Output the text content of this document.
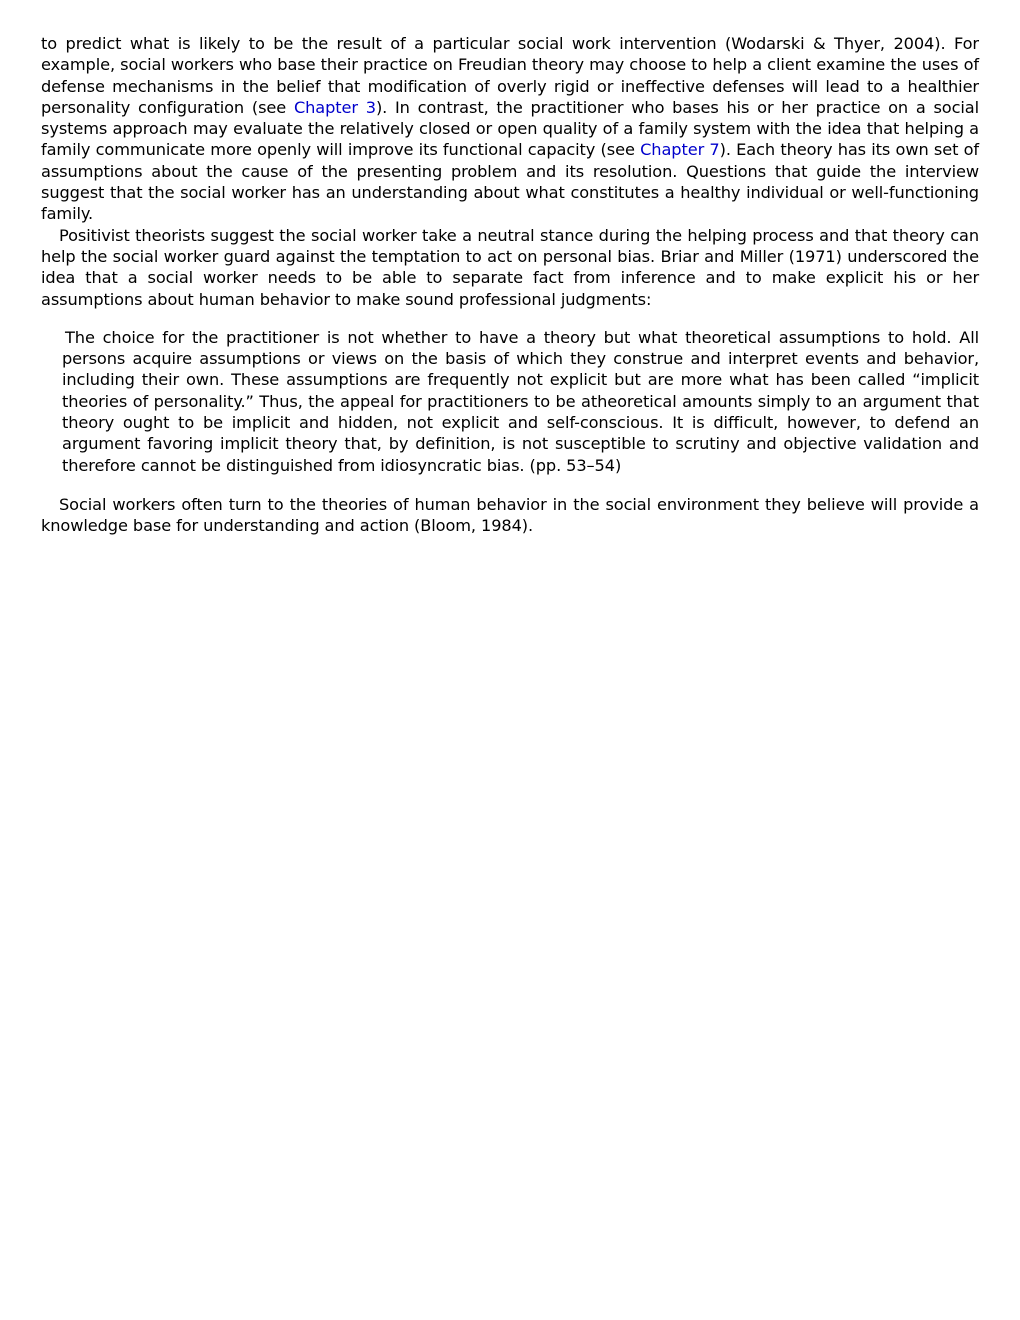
to predict what is likely to be the result of a particular social work intervention (Wodarski & Thyer, 2004). For example, social workers who base their practice on Freudian theory may choose to help a client examine the uses of defense mechanisms in the belief that modification of overly rigid or ineffective defenses will lead to a healthier personality configuration (see Chapter 3). In contrast, the practitioner who bases his or her practice on a social systems approach may evaluate the relatively closed or open quality of a family system with the idea that helping a family communicate more openly will improve its functional capacity (see Chapter 7). Each theory has its own set of assumptions about the cause of the presenting problem and its resolution. Questions that guide the interview suggest that the social worker has an understanding about what constitutes a healthy individual or well-functioning family.

Positivist theorists suggest the social worker take a neutral stance during the helping process and that theory can help the social worker guard against the temptation to act on personal bias. Briar and Miller (1971) underscored the idea that a social worker needs to be able to separate fact from inference and to make explicit his or her assumptions about human behavior to make sound professional judgments:

The choice for the practitioner is not whether to have a theory but what theoretical assumptions to hold. All persons acquire assumptions or views on the basis of which they construe and interpret events and behavior, including their own. These assumptions are frequently not explicit but are more what has been called “implicit theories of personality.” Thus, the appeal for practitioners to be atheoretical amounts simply to an argument that theory ought to be implicit and hidden, not explicit and self-conscious. It is difficult, however, to defend an argument favoring implicit theory that, by definition, is not susceptible to scrutiny and objective validation and therefore cannot be distinguished from idiosyncratic bias. (pp. 53–54)

Social workers often turn to the theories of human behavior in the social environment they believe will provide a knowledge base for understanding and action (Bloom, 1984).
